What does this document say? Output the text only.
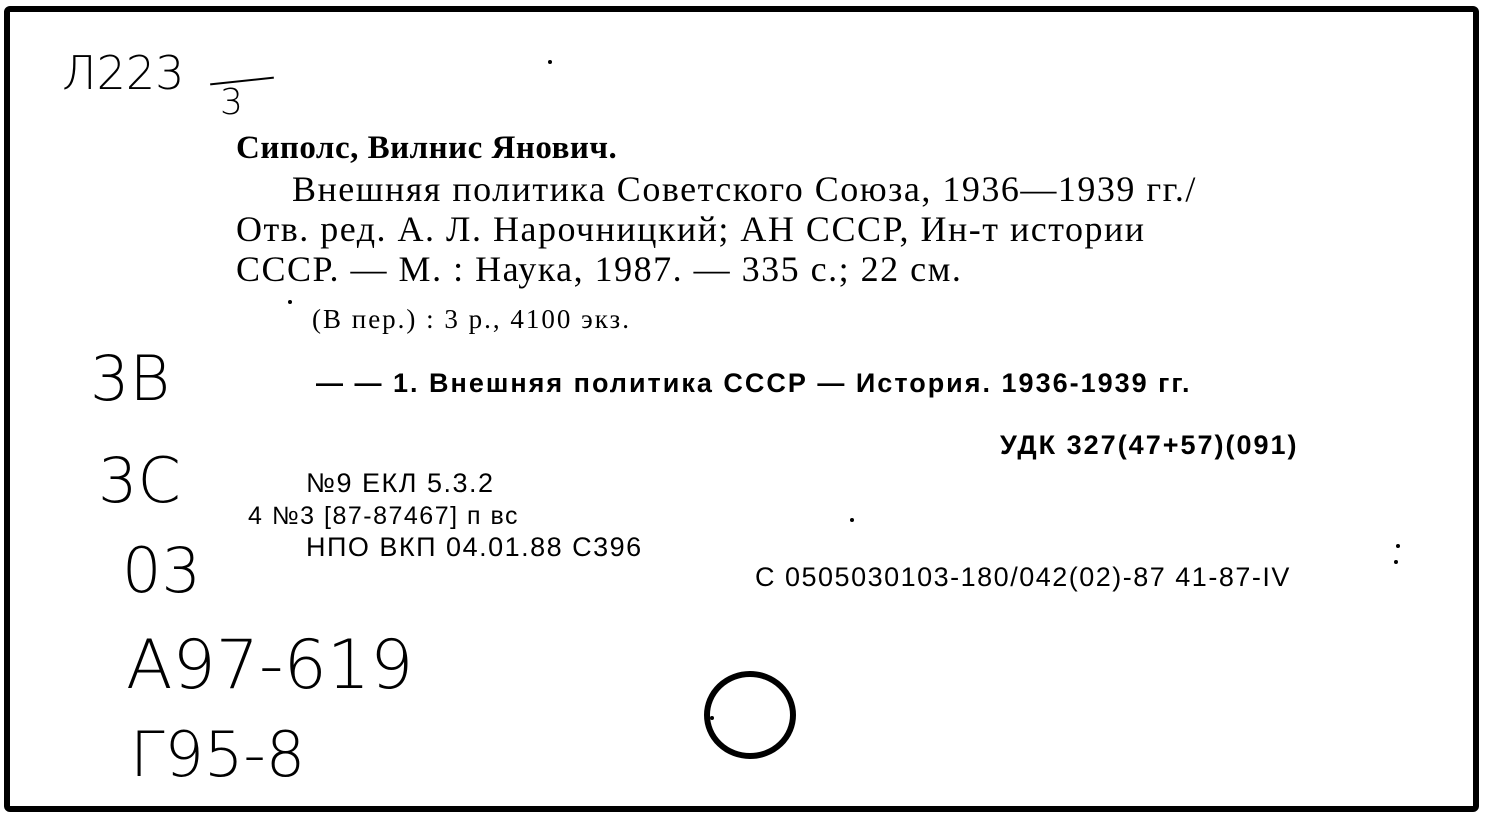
Л223
3
Сиполс, Вилнис Янович.
Внешняя политика Советского Союза, 1936—1939 гг./
Отв. ред. А. Л. Нарочницкий; АН СССР, Ин-т истории
СССР. — М. : Наука, 1987. — 335 с.; 22 см.
(В пер.) : 3 р., 4100 экз.
— — 1. Внешняя политика СССР — История. 1936-1939 гг.
УДК 327(47+57)(091)
№9 ЕКЛ 5.3.2
4 №3 [87-87467] п вс
НПО ВКП 04.01.88 С396
С 0505030103-180/042(02)-87 41-87-IV
3В
3С
03
А97-619
Г95-8
